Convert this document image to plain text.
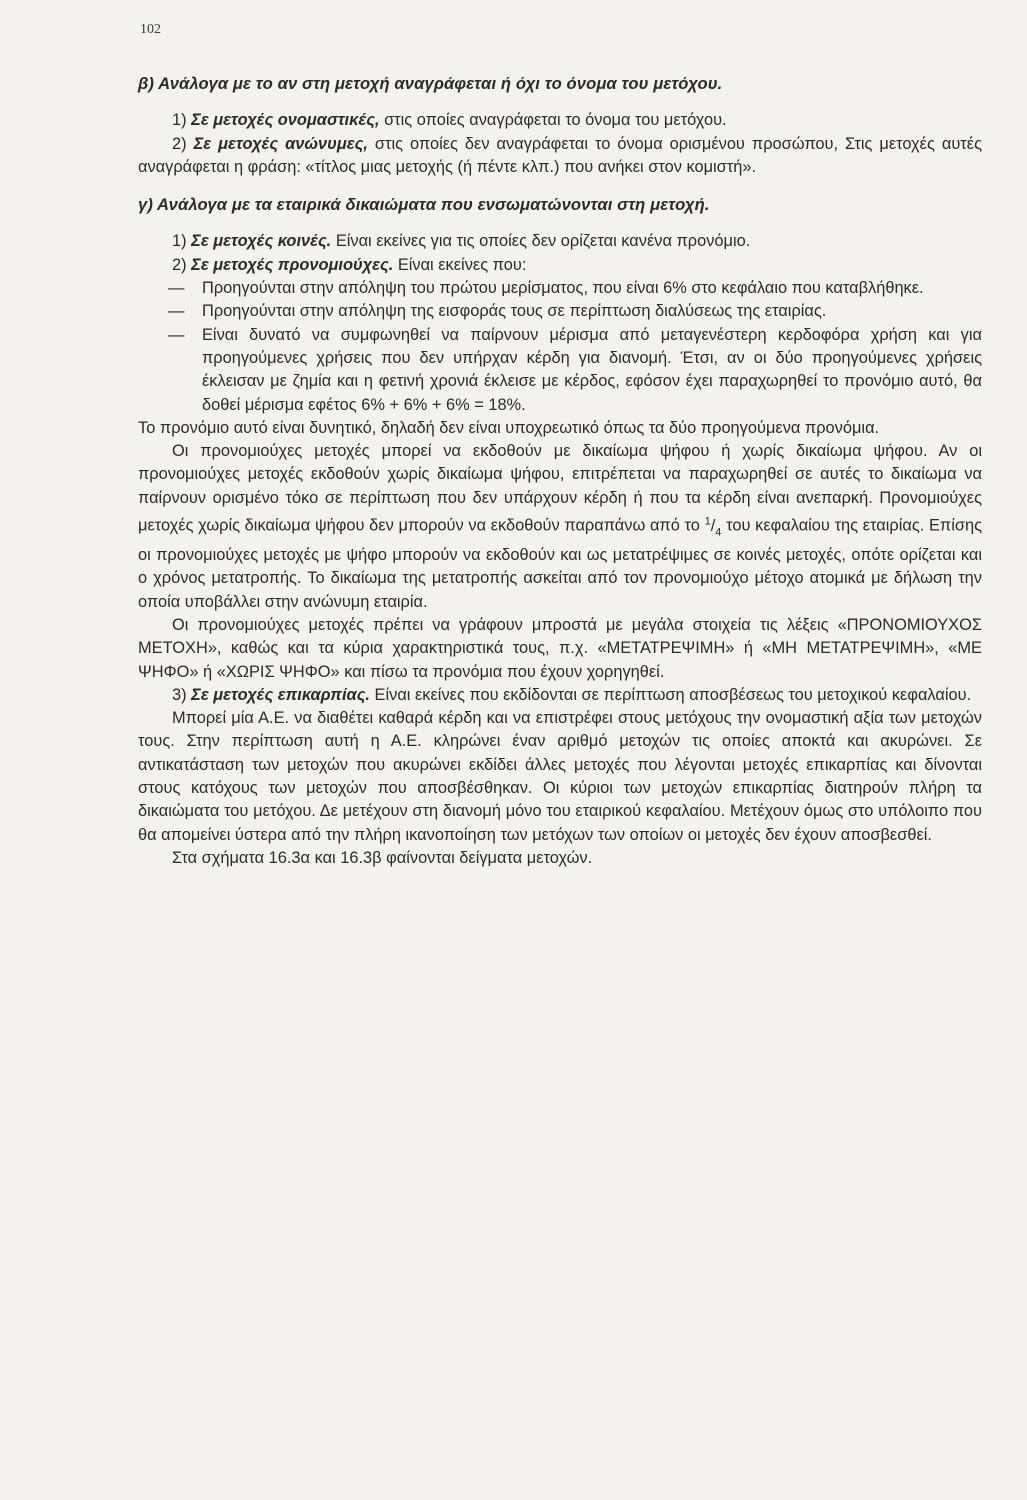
102

β) Ανάλογα με το αν στη μετοχή αναγράφεται ή όχι το όνομα του μετόχου.

1) Σε μετοχές ονομαστικές, στις οποίες αναγράφεται το όνομα του μετόχου.

2) Σε μετοχές ανώνυμες, στις οποίες δεν αναγράφεται το όνομα ορισμένου προσώπου, Στις μετοχές αυτές αναγράφεται η φράση: «τίτλος μιας μετοχής (ή πέντε κλπ.) που ανήκει στον κομιστή».

γ) Ανάλογα με τα εταιρικά δικαιώματα που ενσωματώνονται στη μετοχή.

1) Σε μετοχές κοινές. Είναι εκείνες για τις οποίες δεν ορίζεται κανένα προνόμιο.

2) Σε μετοχές προνομιούχες. Είναι εκείνες που:

—	Προηγούνται στην απόληψη του πρώτου μερίσματος, που είναι 6% στο κεφάλαιο που καταβλήθηκε.
—	Προηγούνται στην απόληψη της εισφοράς τους σε περίπτωση διαλύσεως της εταιρίας.
—	Είναι δυνατό να συμφωνηθεί να παίρνουν μέρισμα από μεταγενέστερη κερδοφόρα χρήση και για προηγούμενες χρήσεις που δεν υπήρχαν κέρδη για διανομή. Έτσι, αν οι δύο προηγούμενες χρήσεις έκλεισαν με ζημία και η φετινή χρονιά έκλεισε με κέρδος, εφόσον έχει παραχωρηθεί το προνόμιο αυτό, θα δοθεί μέρισμα εφέτος 6% + 6% + 6% = 18%.

Το προνόμιο αυτό είναι δυνητικό, δηλαδή δεν είναι υποχρεωτικό όπως τα δύο προηγούμενα προνόμια.

Οι προνομιούχες μετοχές μπορεί να εκδοθούν με δικαίωμα ψήφου ή χωρίς δικαίωμα ψήφου. Αν οι προνομιούχες μετοχές εκδοθούν χωρίς δικαίωμα ψήφου, επιτρέπεται να παραχωρηθεί σε αυτές το δικαίωμα να παίρνουν ορισμένο τόκο σε περίπτωση που δεν υπάρχουν κέρδη ή που τα κέρδη είναι ανεπαρκή. Προνομιούχες μετοχές χωρίς δικαίωμα ψήφου δεν μπορούν να εκδοθούν παραπάνω από το $^1/_4$ του κεφαλαίου της εταιρίας. Επίσης οι προνομιούχες μετοχές με ψήφο μπορούν να εκδοθούν και ως μετατρέψιμες σε κοινές μετοχές, οπότε ορίζεται και ο χρόνος μετατροπής. Το δικαίωμα της μετατροπής ασκείται από τον προνομιούχο μέτοχο ατομικά με δήλωση την οποία υποβάλλει στην ανώνυμη εταιρία.

Οι προνομιούχες μετοχές πρέπει να γράφουν μπροστά με μεγάλα στοιχεία τις λέξεις «ΠΡΟΝΟΜΙΟΥΧΟΣ ΜΕΤΟΧΗ», καθώς και τα κύρια χαρακτηριστικά τους, π.χ. «ΜΕΤΑΤΡΕΨΙΜΗ» ή «ΜΗ ΜΕΤΑΤΡΕΨΙΜΗ», «ΜΕ ΨΗΦΟ» ή «ΧΩΡΙΣ ΨΗΦΟ» και πίσω τα προνόμια που έχουν χορηγηθεί.

3) Σε μετοχές επικαρπίας. Είναι εκείνες που εκδίδονται σε περίπτωση αποσβέσεως του μετοχικού κεφαλαίου.

Μπορεί μία Α.Ε. να διαθέτει καθαρά κέρδη και να επιστρέφει στους μετόχους την ονομαστική αξία των μετοχών τους. Στην περίπτωση αυτή η Α.Ε. κληρώνει έναν αριθμό μετοχών τις οποίες αποκτά και ακυρώνει. Σε αντικατάσταση των μετοχών που ακυρώνει εκδίδει άλλες μετοχές που λέγονται μετοχές επικαρπίας και δίνονται στους κατόχους των μετοχών που αποσβέσθηκαν. Οι κύριοι των μετοχών επικαρπίας διατηρούν πλήρη τα δικαιώματα του μετόχου. Δε μετέχουν στη διανομή μόνο του εταιρικού κεφαλαίου. Μετέχουν όμως στο υπόλοιπο που θα απομείνει ύστερα από την πλήρη ικανοποίηση των μετόχων των οποίων οι μετοχές δεν έχουν αποσβεσθεί.

Στα σχήματα 16.3α και 16.3β φαίνονται δείγματα μετοχών.
